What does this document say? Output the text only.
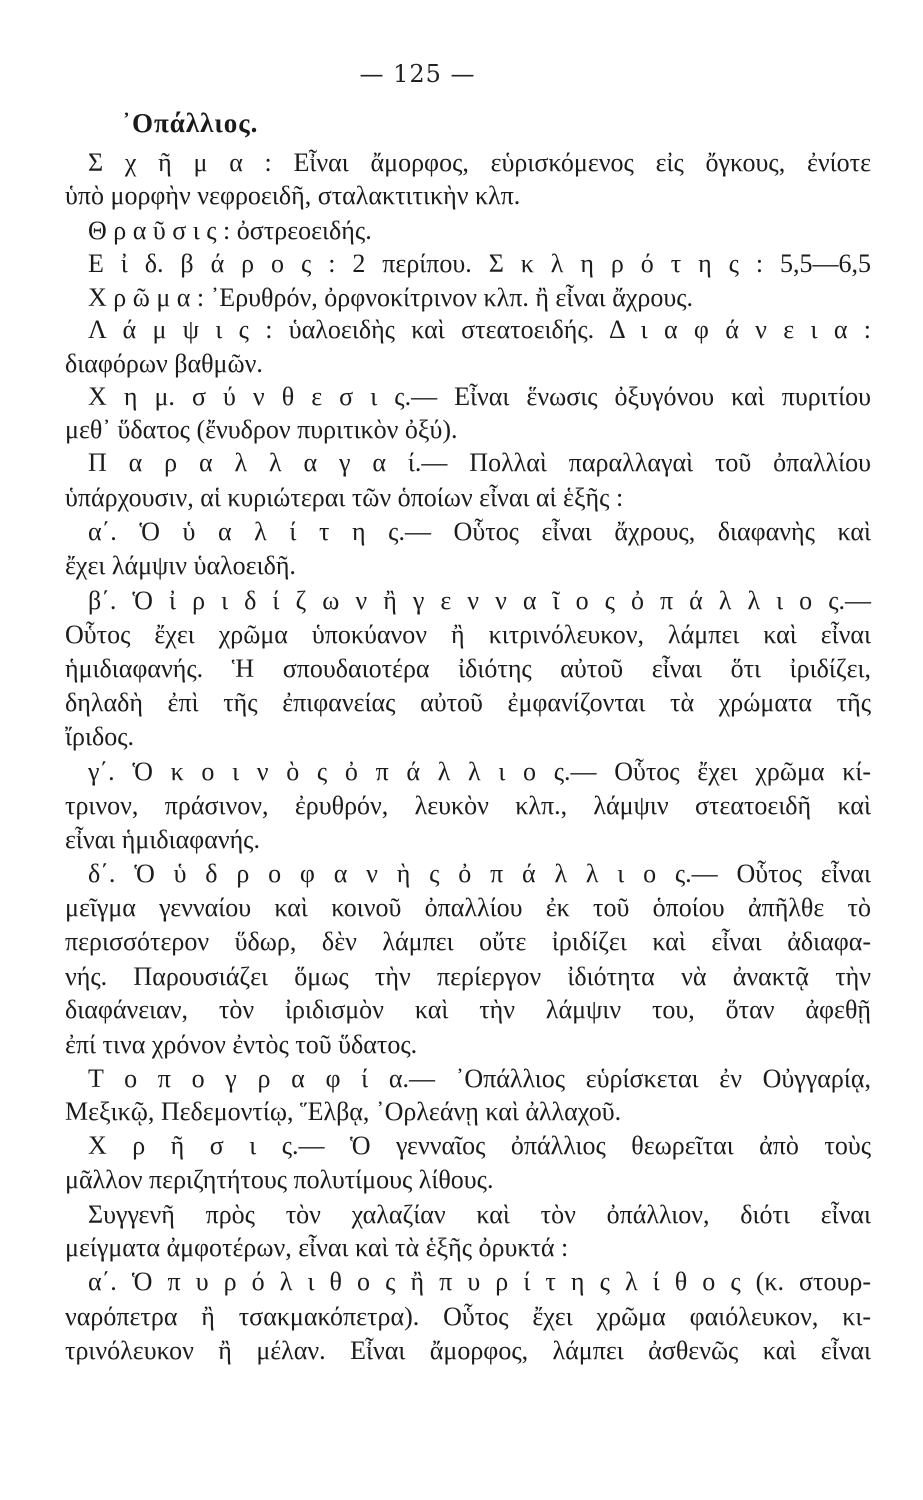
— 125 —
᾽Οπάλλιος.
Σ χ ῆ μ α : Εἶναι ἄμορφος, εὑρισκόμενος εἰς ὄγκους, ἐνίοτε
ὑπὸ μορφὴν νεφροειδῆ, σταλακτιτικὴν κλπ.
Θ ρ α ῦ σ ι ς : ὀστρεοειδής.
Ε ἰ δ. β ά ρ ο ς : 2 περίπου. Σ κ λ η ρ ό τ η ς : 5,5—6,5
Χ ρ ῶ μ α : ᾽Ερυθρόν, ὀρφνοκίτρινον κλπ. ἢ εἶναι ἄχρους.
Λ ά μ ψ ι ς : ὑαλοειδὴς καὶ στεατοειδής. Δ ι α φ ά ν ε ι α :
διαφόρων βαθμῶν.
Χ η μ. σ ύ ν θ ε σ ι ς.— Εἶναι ἕνωσις ὀξυγόνου καὶ πυριτίου
μεθ᾽ ὕδατος (ἔνυδρον πυριτικὸν ὀξύ).
Π α ρ α λ λ α γ α ί.— Πολλαὶ παραλλαγαὶ τοῦ ὀπαλλίου
ὑπάρχουσιν, αἱ κυριώτεραι τῶν ὁποίων εἶναι αἱ ἑξῆς :
α΄. Ὁ ὑ α λ ί τ η ς.— Οὗτος εἶναι ἄχρους, διαφανὴς καὶ
ἔχει λάμψιν ὑαλοειδῆ.
β΄. Ὁ ἰ ρ ι δ ί ζ ω ν ἢ γ ε ν ν α ῖ ο ς ὀ π ά λ λ ι ο ς.—
Οὗτος ἔχει χρῶμα ὑποκύανον ἢ κιτρινόλευκον, λάμπει καὶ εἶναι
ἡμιδιαφανής. Ἡ σπουδαιοτέρα ἰδιότης αὐτοῦ εἶναι ὅτι ἰριδίζει,
δηλαδὴ ἐπὶ τῆς ἐπιφανείας αὐτοῦ ἐμφανίζονται τὰ χρώματα τῆς
ἴριδος.
γ΄. Ὁ κ ο ι ν ὸ ς ὀ π ά λ λ ι ο ς.— Οὗτος ἔχει χρῶμα κί-
τρινον, πράσινον, ἐρυθρόν, λευκὸν κλπ., λάμψιν στεατοειδῆ καὶ
εἶναι ἡμιδιαφανής.
δ΄. Ὁ ὑ δ ρ ο φ α ν ὴ ς ὀ π ά λ λ ι ο ς.— Οὗτος εἶναι
μεῖγμα γενναίου καὶ κοινοῦ ὀπαλλίου ἐκ τοῦ ὁποίου ἀπῆλθε τὸ
περισσότερον ὕδωρ, δὲν λάμπει οὔτε ἰριδίζει καὶ εἶναι ἀδιαφα-
νής. Παρουσιάζει ὅμως τὴν περίεργον ἰδιότητα νὰ ἀνακτᾷ τὴν
διαφάνειαν, τὸν ἰριδισμὸν καὶ τὴν λάμψιν του, ὅταν ἀφεθῇ
ἐπί τινα χρόνον ἐντὸς τοῦ ὕδατος.
Τ ο π ο γ ρ α φ ί α.— ᾽Οπάλλιος εὑρίσκεται ἐν Οὐγγαρίᾳ,
Μεξικῷ, Πεδεμοντίῳ, Ἕλβᾳ, ᾽Ορλεάνῃ καὶ ἀλλαχοῦ.
Χ ρ ῆ σ ι ς.— Ὁ γενναῖος ὀπάλλιος θεωρεῖται ἀπὸ τοὺς
μᾶλλον περιζητήτους πολυτίμους λίθους.
Συγγενῆ πρὸς τὸν χαλαζίαν καὶ τὸν ὀπάλλιον, διότι εἶναι
μείγματα ἀμφοτέρων, εἶναι καὶ τὰ ἑξῆς ὀρυκτά :
α΄. Ὁ π υ ρ ό λ ι θ ο ς ἢ π υ ρ ί τ η ς λ ί θ ο ς (κ. στουρ-
ναρόπετρα ἢ τσακμακόπετρα). Οὗτος ἔχει χρῶμα φαιόλευκον, κι-
τρινόλευκον ἢ μέλαν. Εἶναι ἄμορφος, λάμπει ἀσθενῶς καὶ εἶναι
